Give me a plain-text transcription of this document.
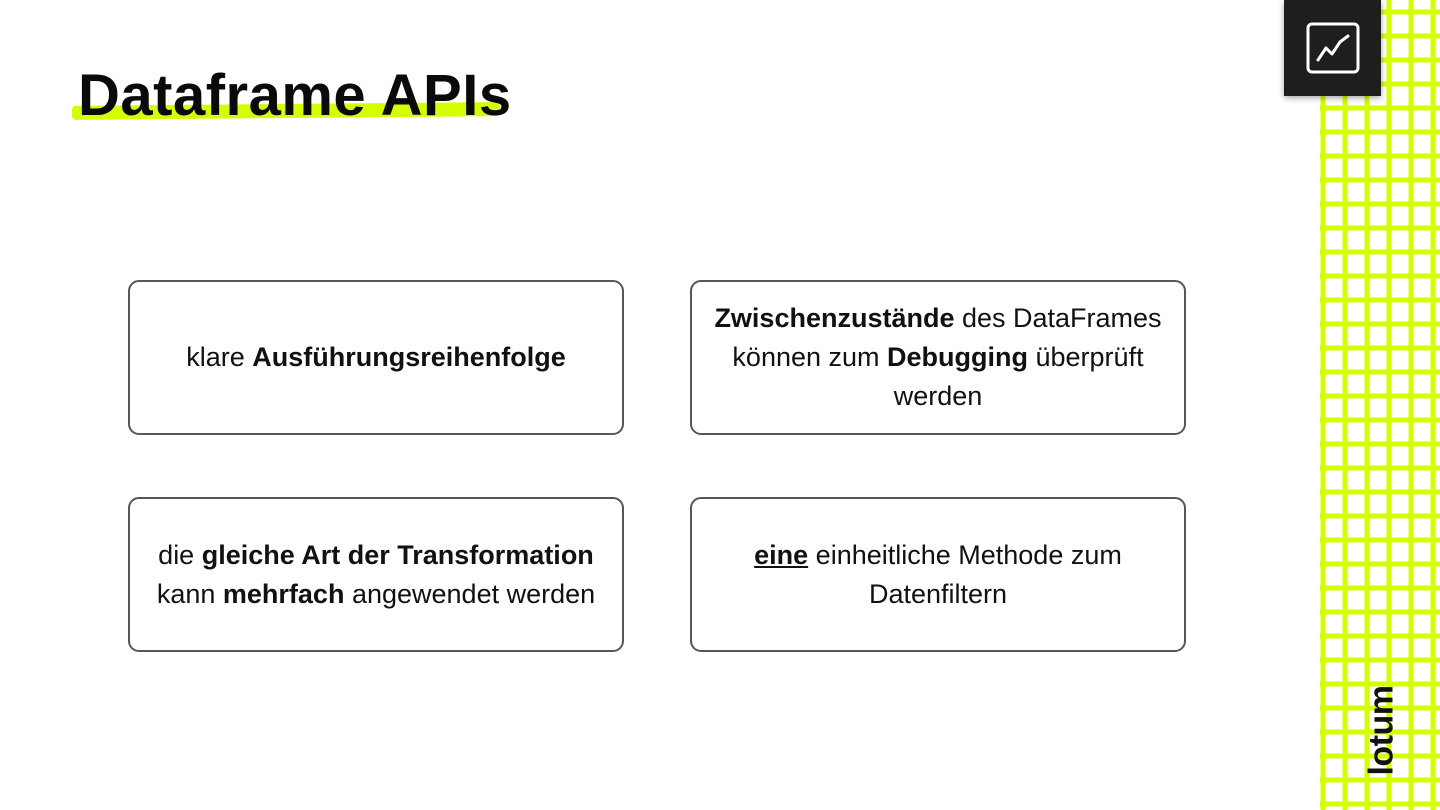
Dataframe APIs
klare Ausführungsreihenfolge
Zwischenzustände des DataFrames können zum Debugging überprüft werden
die gleiche Art der Transformation kann mehrfach angewendet werden
eine einheitliche Methode zum Datenfiltern
lotum
